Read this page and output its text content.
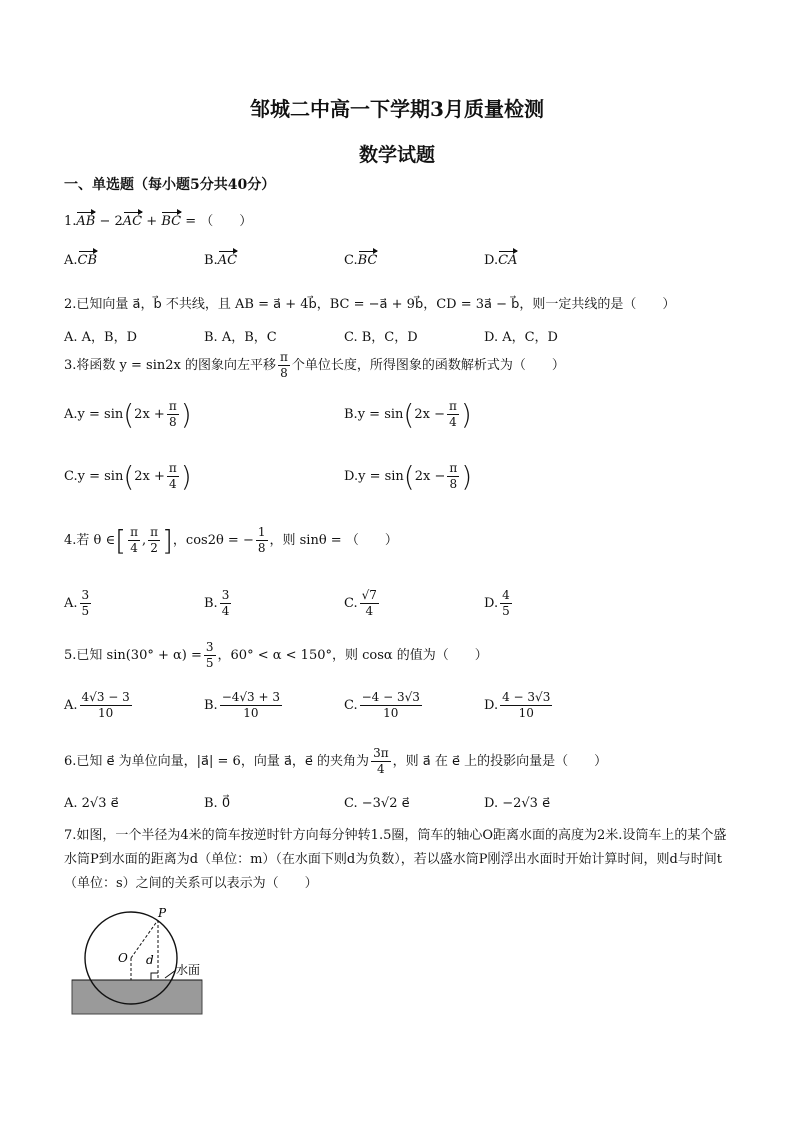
邹城二中高一下学期3月质量检测
数学试题
一、单选题（每小题5分共40分）
1.AB − 2AC + BC = （　　）
A.CB	B.AC	C.BC	D.CA
2.已知向量 a⃗，b⃗ 不共线，且 AB = a⃗ + 4b⃗，BC = −a⃗ + 9b⃗，CD = 3a⃗ − b⃗，则一定共线的是（　　）
A. A，B，D	B. A，B，C	C. B，C，D	D. A，C，D
3.将函数 y = sin2x 的图象向左平移 $\frac{\pi}{8}$ 个单位长度，所得图象的函数解析式为（　　）
$A.y = \sin(2x + \frac{\pi}{8}$ )	$B.y = \sin(2x - \frac{\pi}{4}$ )
$C.y = \sin(2x + \frac{\pi}{4}$ )	$D.y = \sin(2x - \frac{\pi}{8}$ )
4.若 θ ∈[ $\frac{\pi}{4}$ , $\frac{\pi}{2}$ ]，cos2θ = − $\frac{1}{8}$ ，则 sinθ = （　　）
A. $\frac{3}{5}$	B. $\frac{3}{4}$	C. $\frac{√7}{4}$	D. $\frac{4}{5}$
5.已知 $\sin(30^\circ + \alpha) = \frac{3}{5}$ ，60° < α < 150°，则 cosα 的值为（　　）
A. $\frac{4√3 - 3}{10}$	B. $\frac{-4√3 + 3}{10}$	C. $\frac{-4 - 3√3}{10}$	D. $\frac{4 - 3√3}{10}$
6.已知 e⃗ 为单位向量，|a⃗| = 6，向量 a⃗，e⃗ 的夹角为 $\frac{3\pi}{4}$ ，则 a⃗ 在 e⃗ 上的投影向量是（　　）
A. 2√3 e⃗	B. 0⃗	C. −3√2 e⃗	D. −2√3 e⃗
7.如图，一个半径为4米的筒车按逆时针方向每分钟转1.5圈，筒车的轴心O距离水面的高度为2米.设筒车上的某个盛水筒P到水面的距离为d（单位：m）（在水面下则d为负数），若以盛水筒P刚浮出水面时开始计算时间，则d与时间t（单位：s）之间的关系可以表示为（　　）
P
O d
水面
